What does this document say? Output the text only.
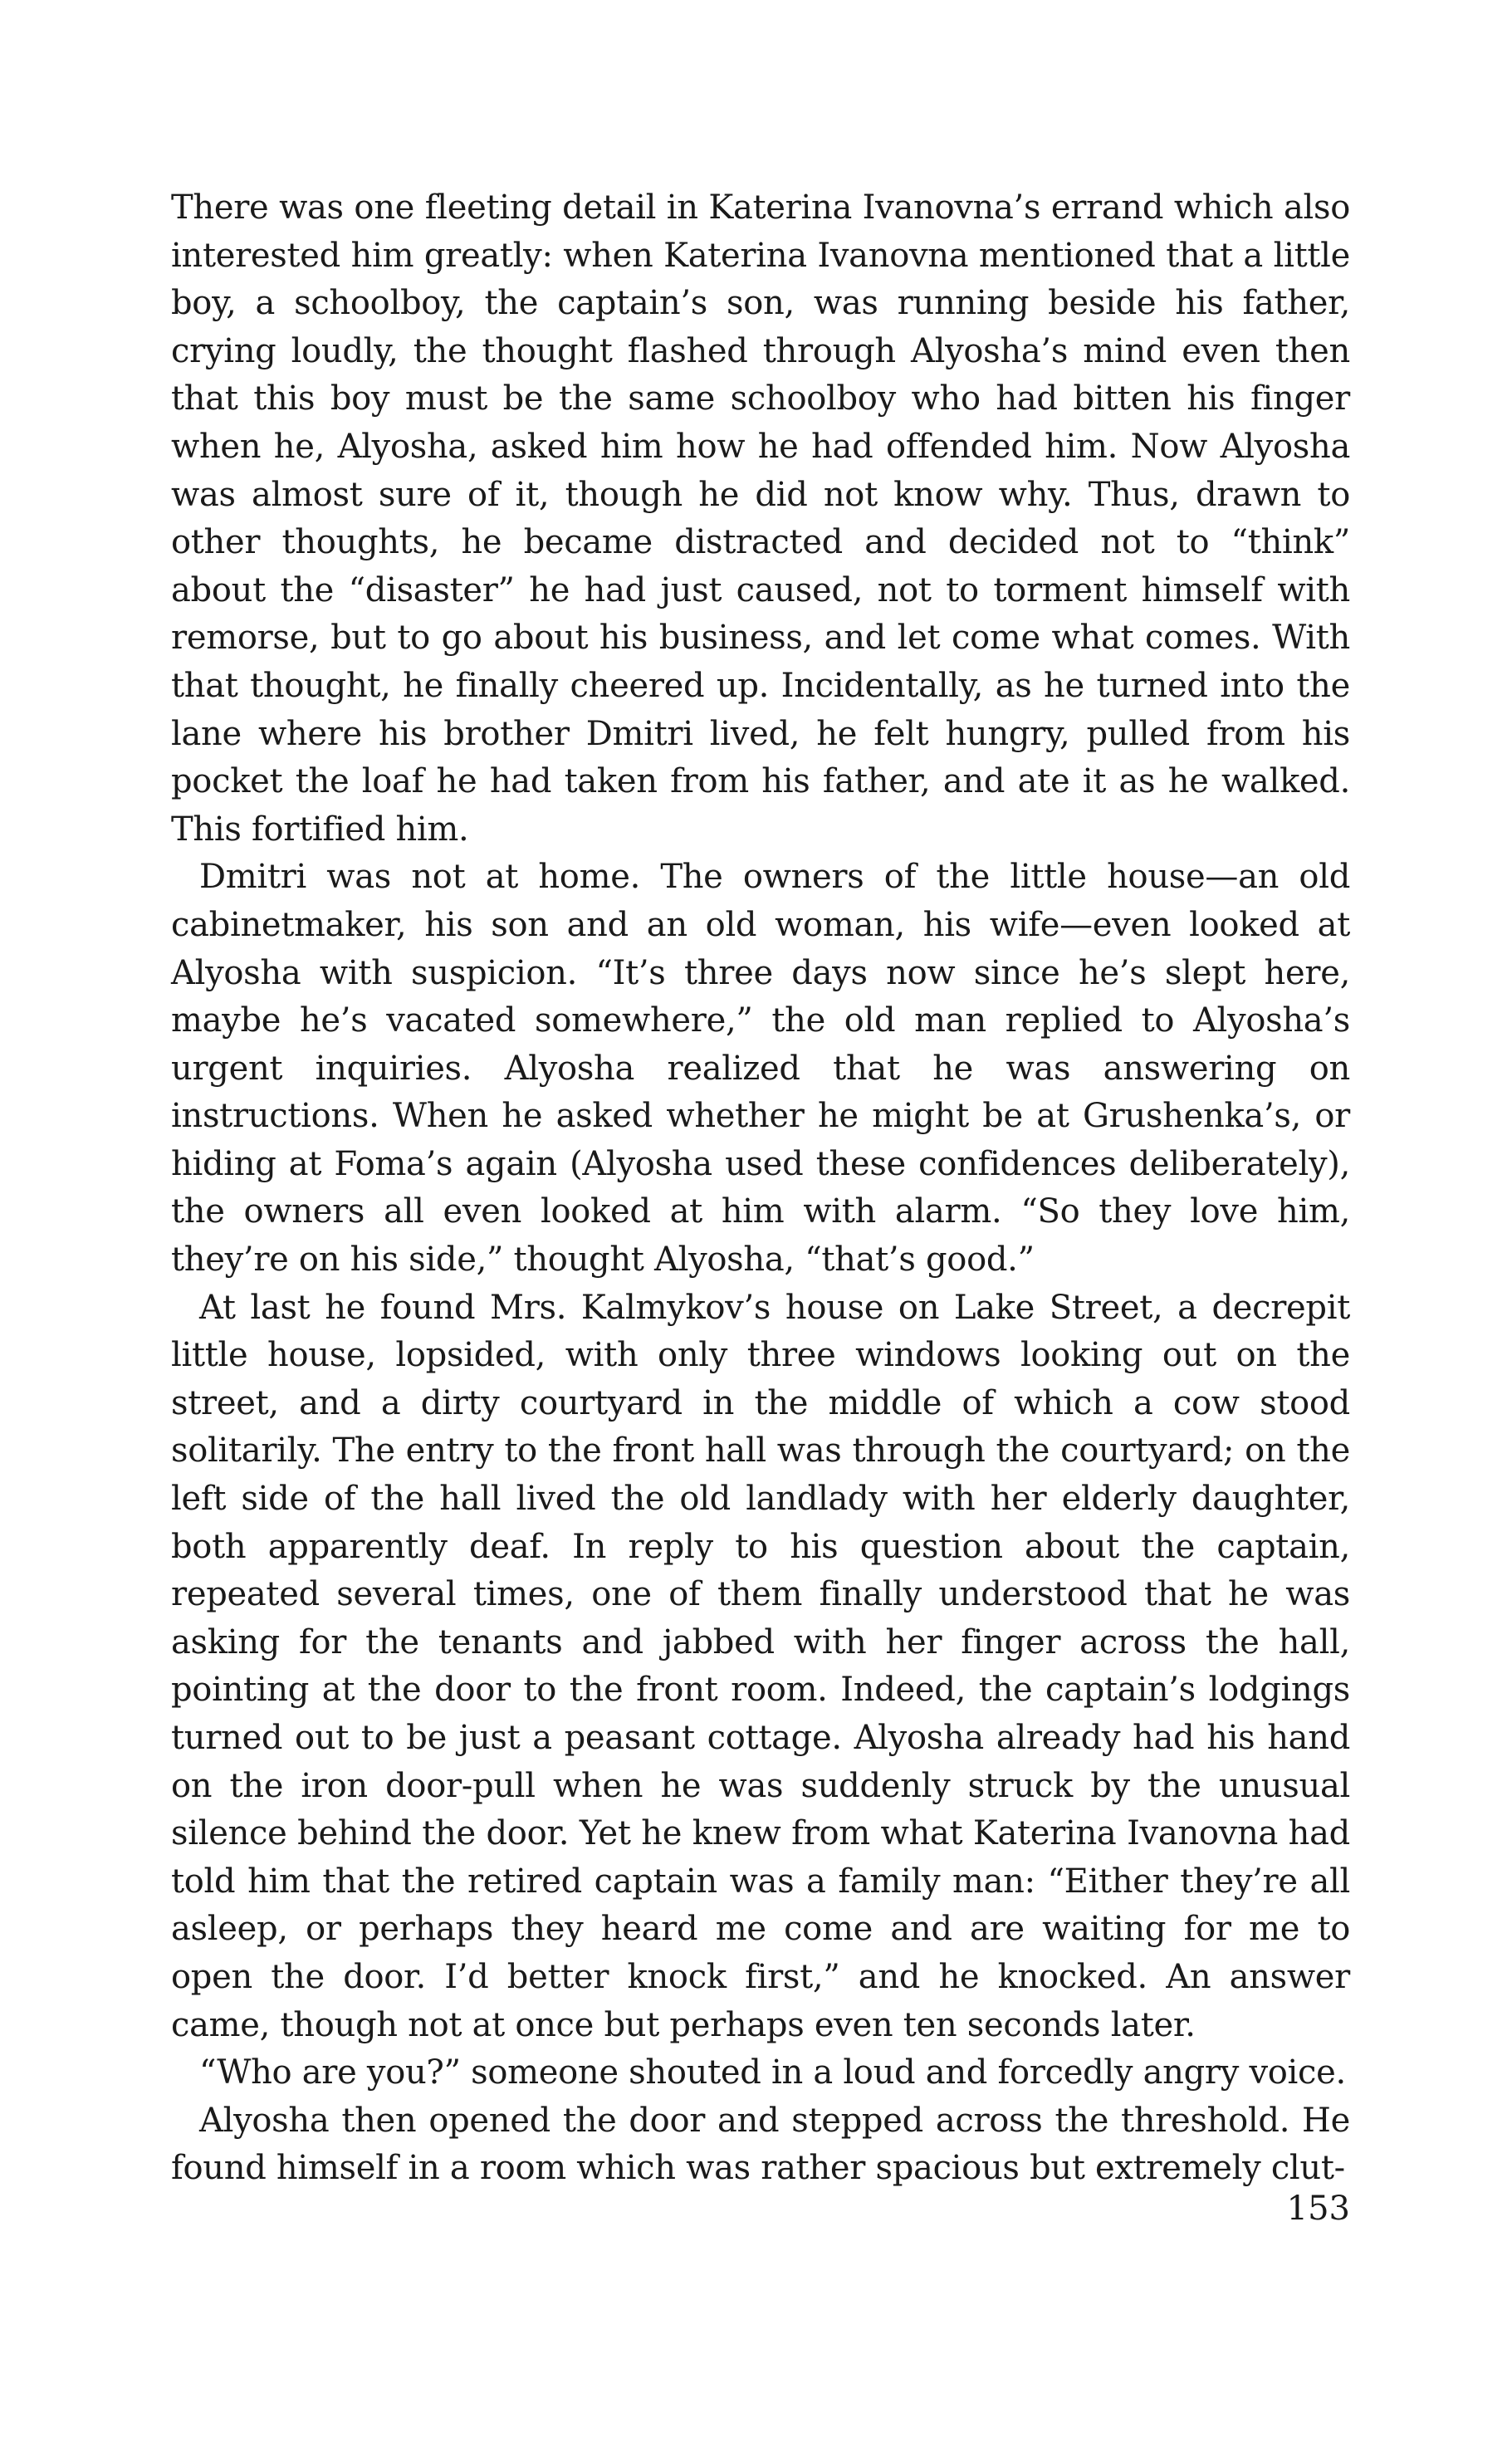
There was one fleeting detail in Katerina Ivanovna’s errand which also interested him greatly: when Katerina Ivanovna mentioned that a little boy, a schoolboy, the captain’s son, was running beside his father, crying loudly, the thought flashed through Alyosha’s mind even then that this boy must be the same schoolboy who had bitten his finger when he, Alyosha, asked him how he had offended him. Now Alyosha was almost sure of it, though he did not know why. Thus, drawn to other thoughts, he became distracted and decided not to “think” about the “disaster” he had just caused, not to torment himself with remorse, but to go about his business, and let come what comes. With that thought, he finally cheered up. Incidentally, as he turned into the lane where his brother Dmitri lived, he felt hungry, pulled from his pocket the loaf he had taken from his father, and ate it as he walked. This fortified him.

Dmitri was not at home. The owners of the little house—an old cabinetmaker, his son and an old woman, his wife—even looked at Alyosha with suspicion. “It’s three days now since he’s slept here, maybe he’s vacated somewhere,” the old man replied to Alyosha’s urgent inquiries. Alyosha realized that he was answering on instructions. When he asked whether he might be at Grushenka’s, or hiding at Foma’s again (Alyosha used these confidences deliberately), the owners all even looked at him with alarm. “So they love him, they’re on his side,” thought Alyosha, “that’s good.”

At last he found Mrs. Kalmykov’s house on Lake Street, a decrepit little house, lopsided, with only three windows looking out on the street, and a dirty courtyard in the middle of which a cow stood solitarily. The entry to the front hall was through the courtyard; on the left side of the hall lived the old landlady with her elderly daughter, both apparently deaf. In reply to his question about the captain, repeated several times, one of them finally understood that he was asking for the tenants and jabbed with her finger across the hall, pointing at the door to the front room. Indeed, the captain’s lodgings turned out to be just a peasant cottage. Alyosha already had his hand on the iron door-pull when he was suddenly struck by the unusual silence behind the door. Yet he knew from what Katerina Ivanovna had told him that the retired captain was a family man: “Either they’re all asleep, or perhaps they heard me come and are waiting for me to open the door. I’d better knock first,” and he knocked. An answer came, though not at once but perhaps even ten seconds later.

“Who are you?” someone shouted in a loud and forcedly angry voice.

Alyosha then opened the door and stepped across the threshold. He found himself in a room which was rather spacious but extremely clut-

153
